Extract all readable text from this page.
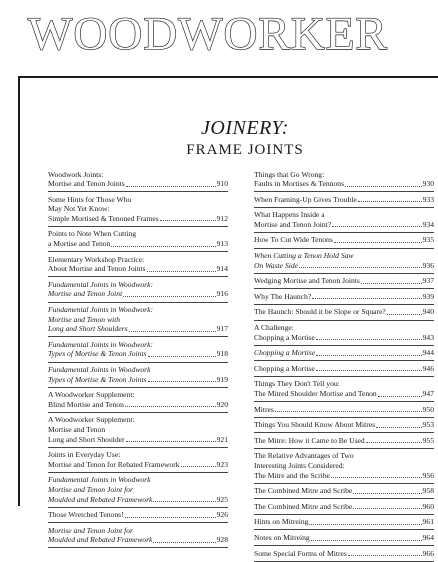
WOODWORKER
JOINERY:
FRAME JOINTS
Woodwork Joints:
Mortise and Tenon Joints	910
Some Hints for Those Who
May Not Yet Know:
Simple Mortised & Tenoned Frames	912
Points to Note When Cutting
a Mortise and Tenon	913
Elementary Workshop Practice:
About Mortise and Tenon Joints	914
Fundamental Joints in Woodwork:
Mortise and Tenon Joint	916
Fundamental Joints in Woodwork:
Mortise and Tenon with
Long and Short Shoulders	917
Fundamental Joints in Woodwork:
Types of Mortise & Tenon Joints	918
Fundamental Joints in Woodwork
Types of Mortise & Tenon Joints	919
A Woodworker Supplement:
Blind Mortise and Tenon	920
A Woodworker Supplement:
Mortise and Tenon
Long and Short Shoulder	921
Joints in Everyday Use:
Mortise and Tenon for Rebated Framework	923
Fundamental Joints in Woodwork
Mortise and Tenon Joint for
Moulded and Rebated Framework	925
Those Wretched Tenons!	926
Mortise and Tenon Joint for
Moulded and Rebated Framework	928
Things that Go Wrong:
Faults in Mortises & Tennons	930
When Framing-Up Gives Trouble	933
What Happens Inside a
Mortise and Tenon Joint?	934
How To Cut Wide Tenons	935
When Cutting a Tenon Hold Saw
On Waste Side	936
Wedging Mortise and Tenon Joints	937
Why The Haunch?	939
The Haunch: Should it be Slope or Square?	940
A Challenge:
Chopping a Mortise	943
Chopping a Mortise	944
Chopping a Mortise	946
Things They Don't Tell you:
The Mitred Shoulder Mortise and Tenon	947
Mitres	950
Things You Should Know About Mitres	953
The Mitre: How it Came to Be Used	955
The Relative Advantages of Two
Interesting Joints Considered:
The Mitre and the Scribe	956
The Combined Mitre and Scribe	958
The Combined Mitre and Scribe	960
Hints on Mitreing	961
Notes on Mitreing	964
Some Special Forms of Mitres	966
